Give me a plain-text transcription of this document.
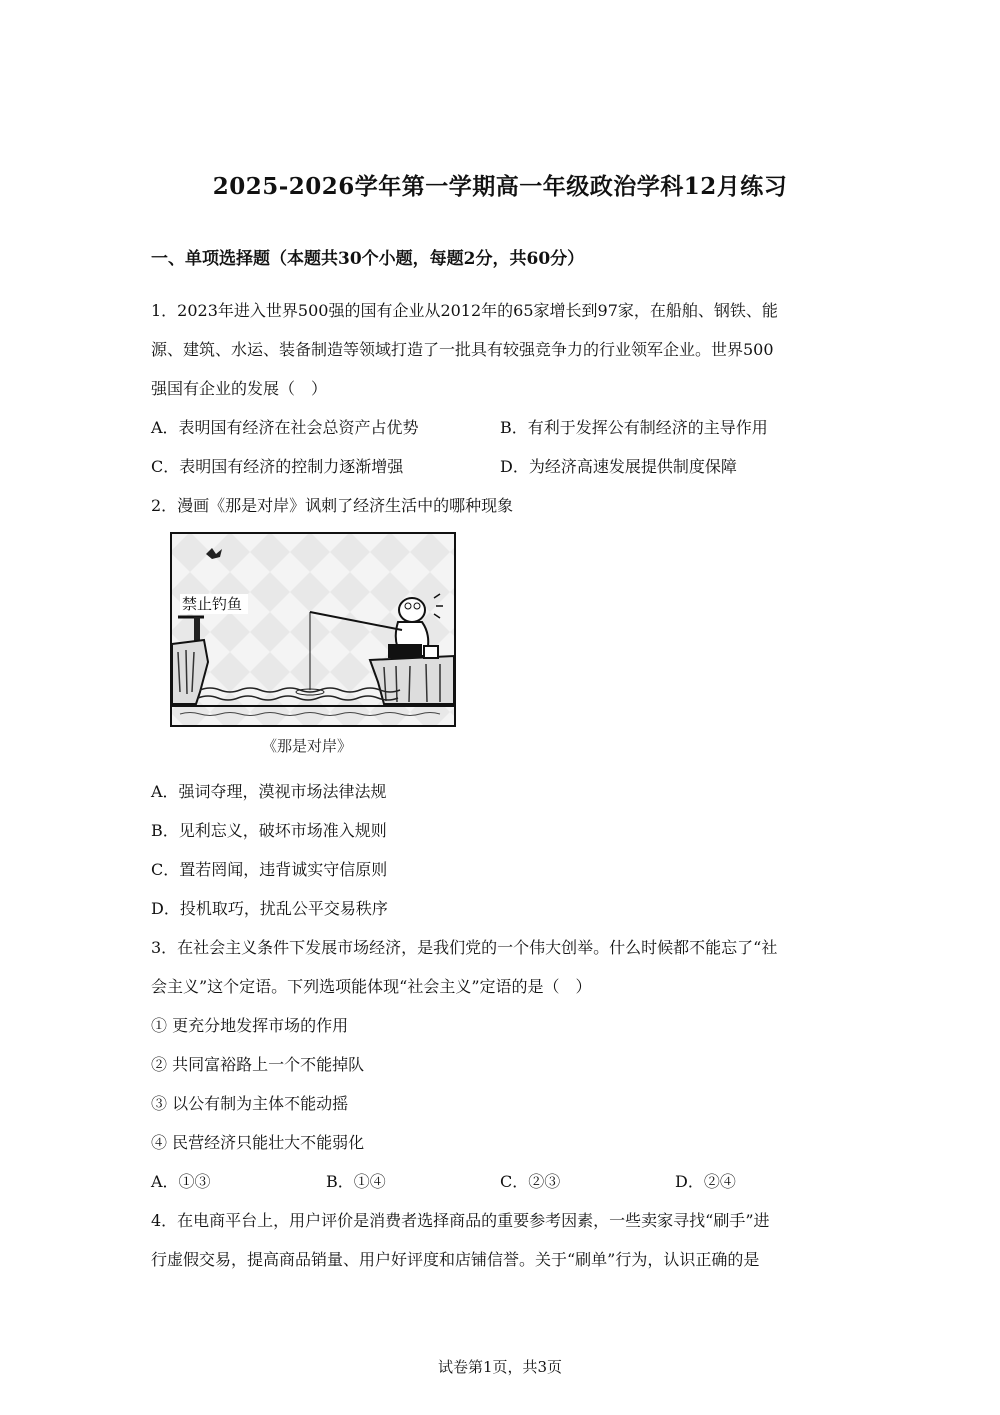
2025-2026学年第一学期高一年级政治学科12月练习
一、单项选择题（本题共30个小题，每题2分，共60分）
1．2023年进入世界500强的国有企业从2012年的65家增长到97家，在船舶、钢铁、能
源、建筑、水运、装备制造等领域打造了一批具有较强竞争力的行业领军企业。世界500
强国有企业的发展（　）
A．表明国有经济在社会总资产占优势	B．有利于发挥公有制经济的主导作用
C．表明国有经济的控制力逐渐增强	D．为经济高速发展提供制度保障
2．漫画《那是对岸》讽刺了经济生活中的哪种现象
禁止钓鱼
《那是对岸》
A．强词夺理，漠视市场法律法规
B．见利忘义，破坏市场准入规则
C．置若罔闻，违背诚实守信原则
D．投机取巧，扰乱公平交易秩序
3．在社会主义条件下发展市场经济，是我们党的一个伟大创举。什么时候都不能忘了“社
会主义”这个定语。下列选项能体现“社会主义”定语的是（　）
① 更充分地发挥市场的作用
② 共同富裕路上一个不能掉队
③ 以公有制为主体不能动摇
④ 民营经济只能壮大不能弱化
A．①③	B．①④	C．②③	D．②④
4．在电商平台上，用户评价是消费者选择商品的重要参考因素，一些卖家寻找“刷手”进
行虚假交易，提高商品销量、用户好评度和店铺信誉。关于“刷单”行为，认识正确的是
试卷第1页，共3页
